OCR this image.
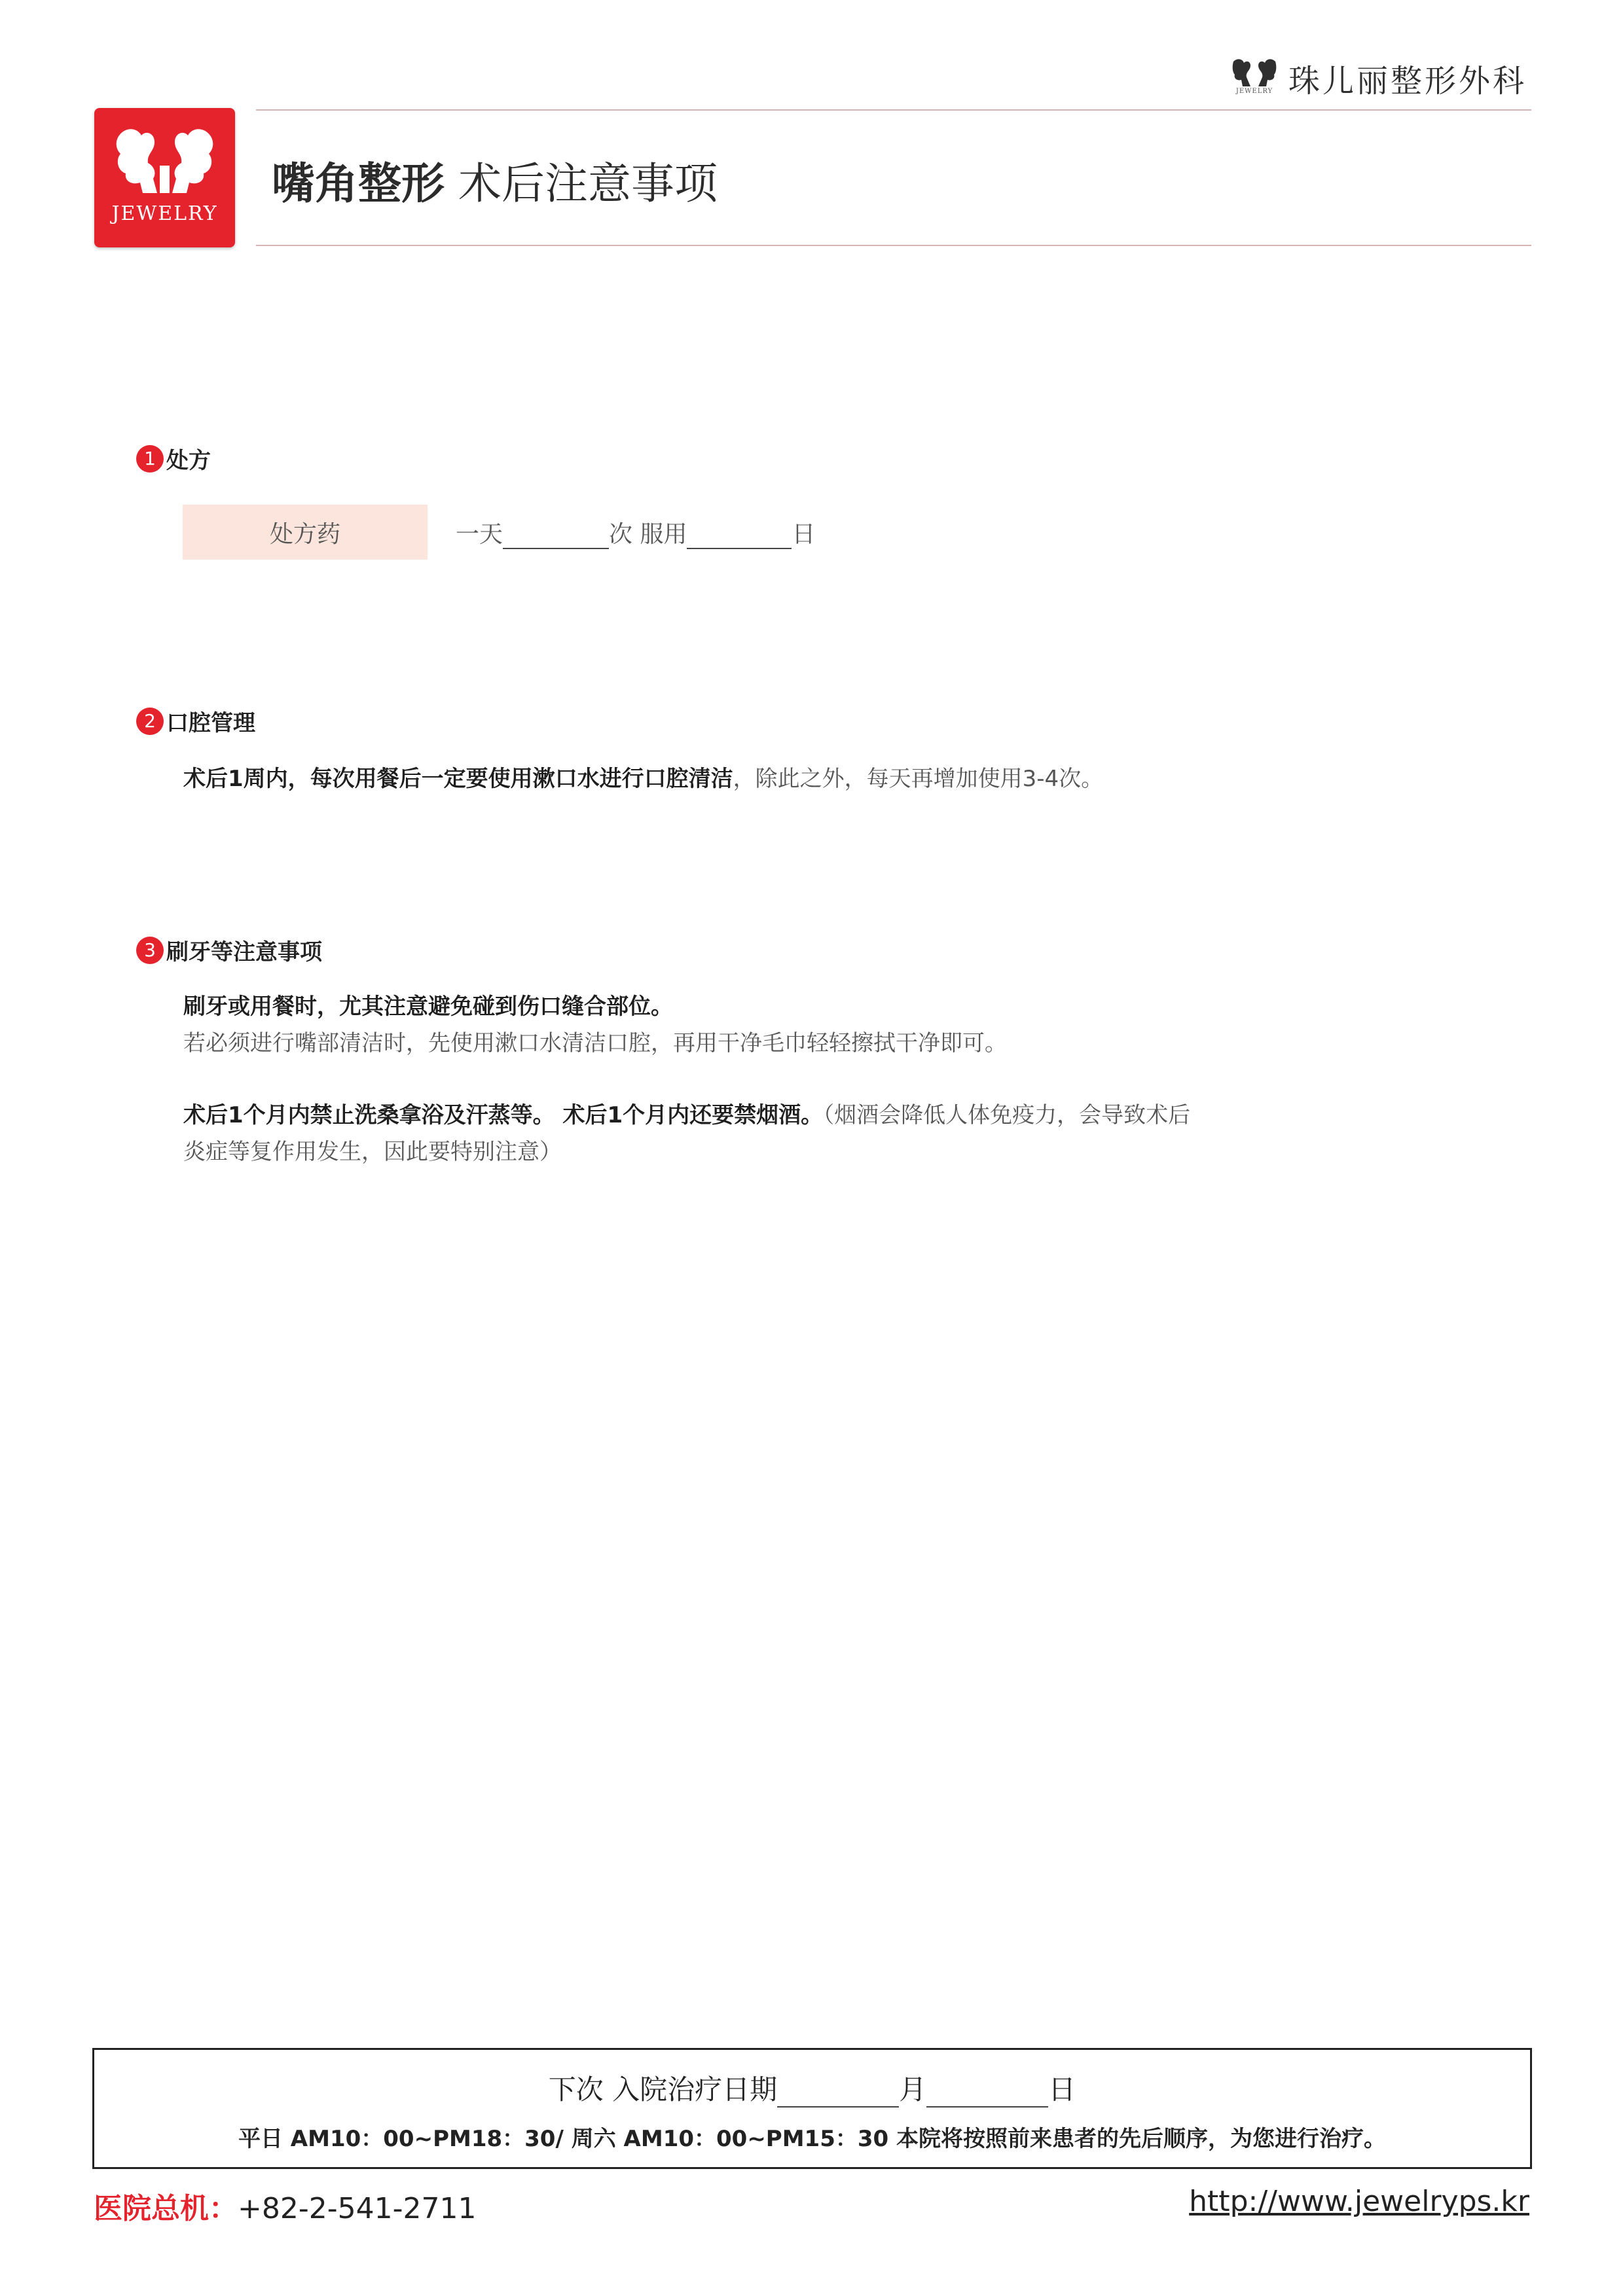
JEWELRY 珠儿丽整形外科
JEWELRY
嘴角整形 术后注意事项
1 处方
处方药	一天	次 服用	日
2 口腔管理
术后1周内，每次用餐后一定要使用漱口水进行口腔清洁，除此之外，每天再增加使用3-4次。
3 刷牙等注意事项
刷牙或用餐时，尤其注意避免碰到伤口缝合部位。
若必须进行嘴部清洁时，先使用漱口水清洁口腔，再用干净毛巾轻轻擦拭干净即可。
术后1个月内禁止洗桑拿浴及汗蒸等。 术后1个月内还要禁烟酒。（烟酒会降低人体免疫力，会导致术后
炎症等复作用发生，因此要特别注意）
下次 入院治疗日期	月	日
平日 AM10：00~PM18：30/ 周六 AM10：00~PM15：30 本院将按照前来患者的先后顺序，为您进行治疗。
医院总机：+82-2-541-2711	http://www.jewelryps.kr
